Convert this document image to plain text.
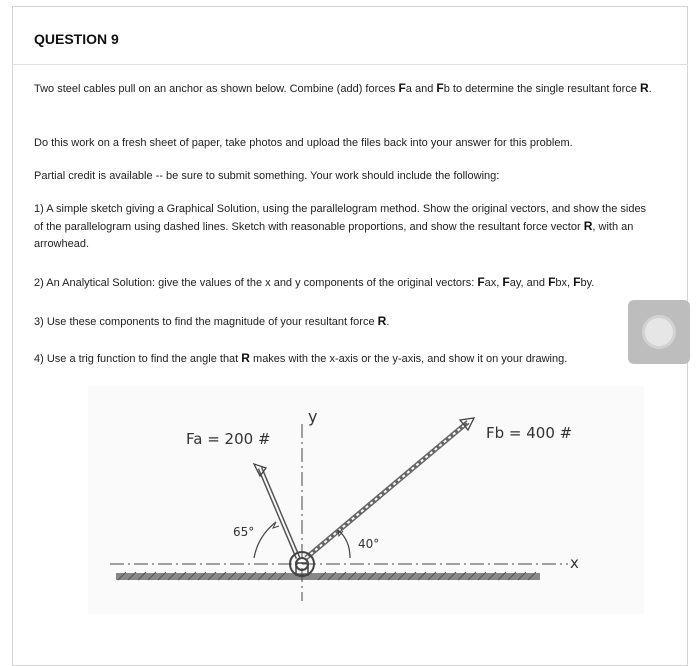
QUESTION 9

Two steel cables pull on an anchor as shown below. Combine (add) forces Fa and Fb to determine the single resultant force R.

Do this work on a fresh sheet of paper, take photos and upload the files back into your answer for this problem.

Partial credit is available -- be sure to submit something. Your work should include the following:

1) A simple sketch giving a Graphical Solution, using the parallelogram method. Show the original vectors, and show the sides of the parallelogram using dashed lines. Sketch with reasonable proportions, and show the resultant force vector R, with an arrowhead.

2) An Analytical Solution: give the values of the x and y components of the original vectors: Fax, Fay, and Fbx, Fby.

3) Use these components to find the magnitude of your resultant force R.

4) Use a trig function to find the angle that R makes with the x-axis or the y-axis, and show it on your drawing.

Fa = 200 #	Fb = 400 #
65°
40°
y
x
